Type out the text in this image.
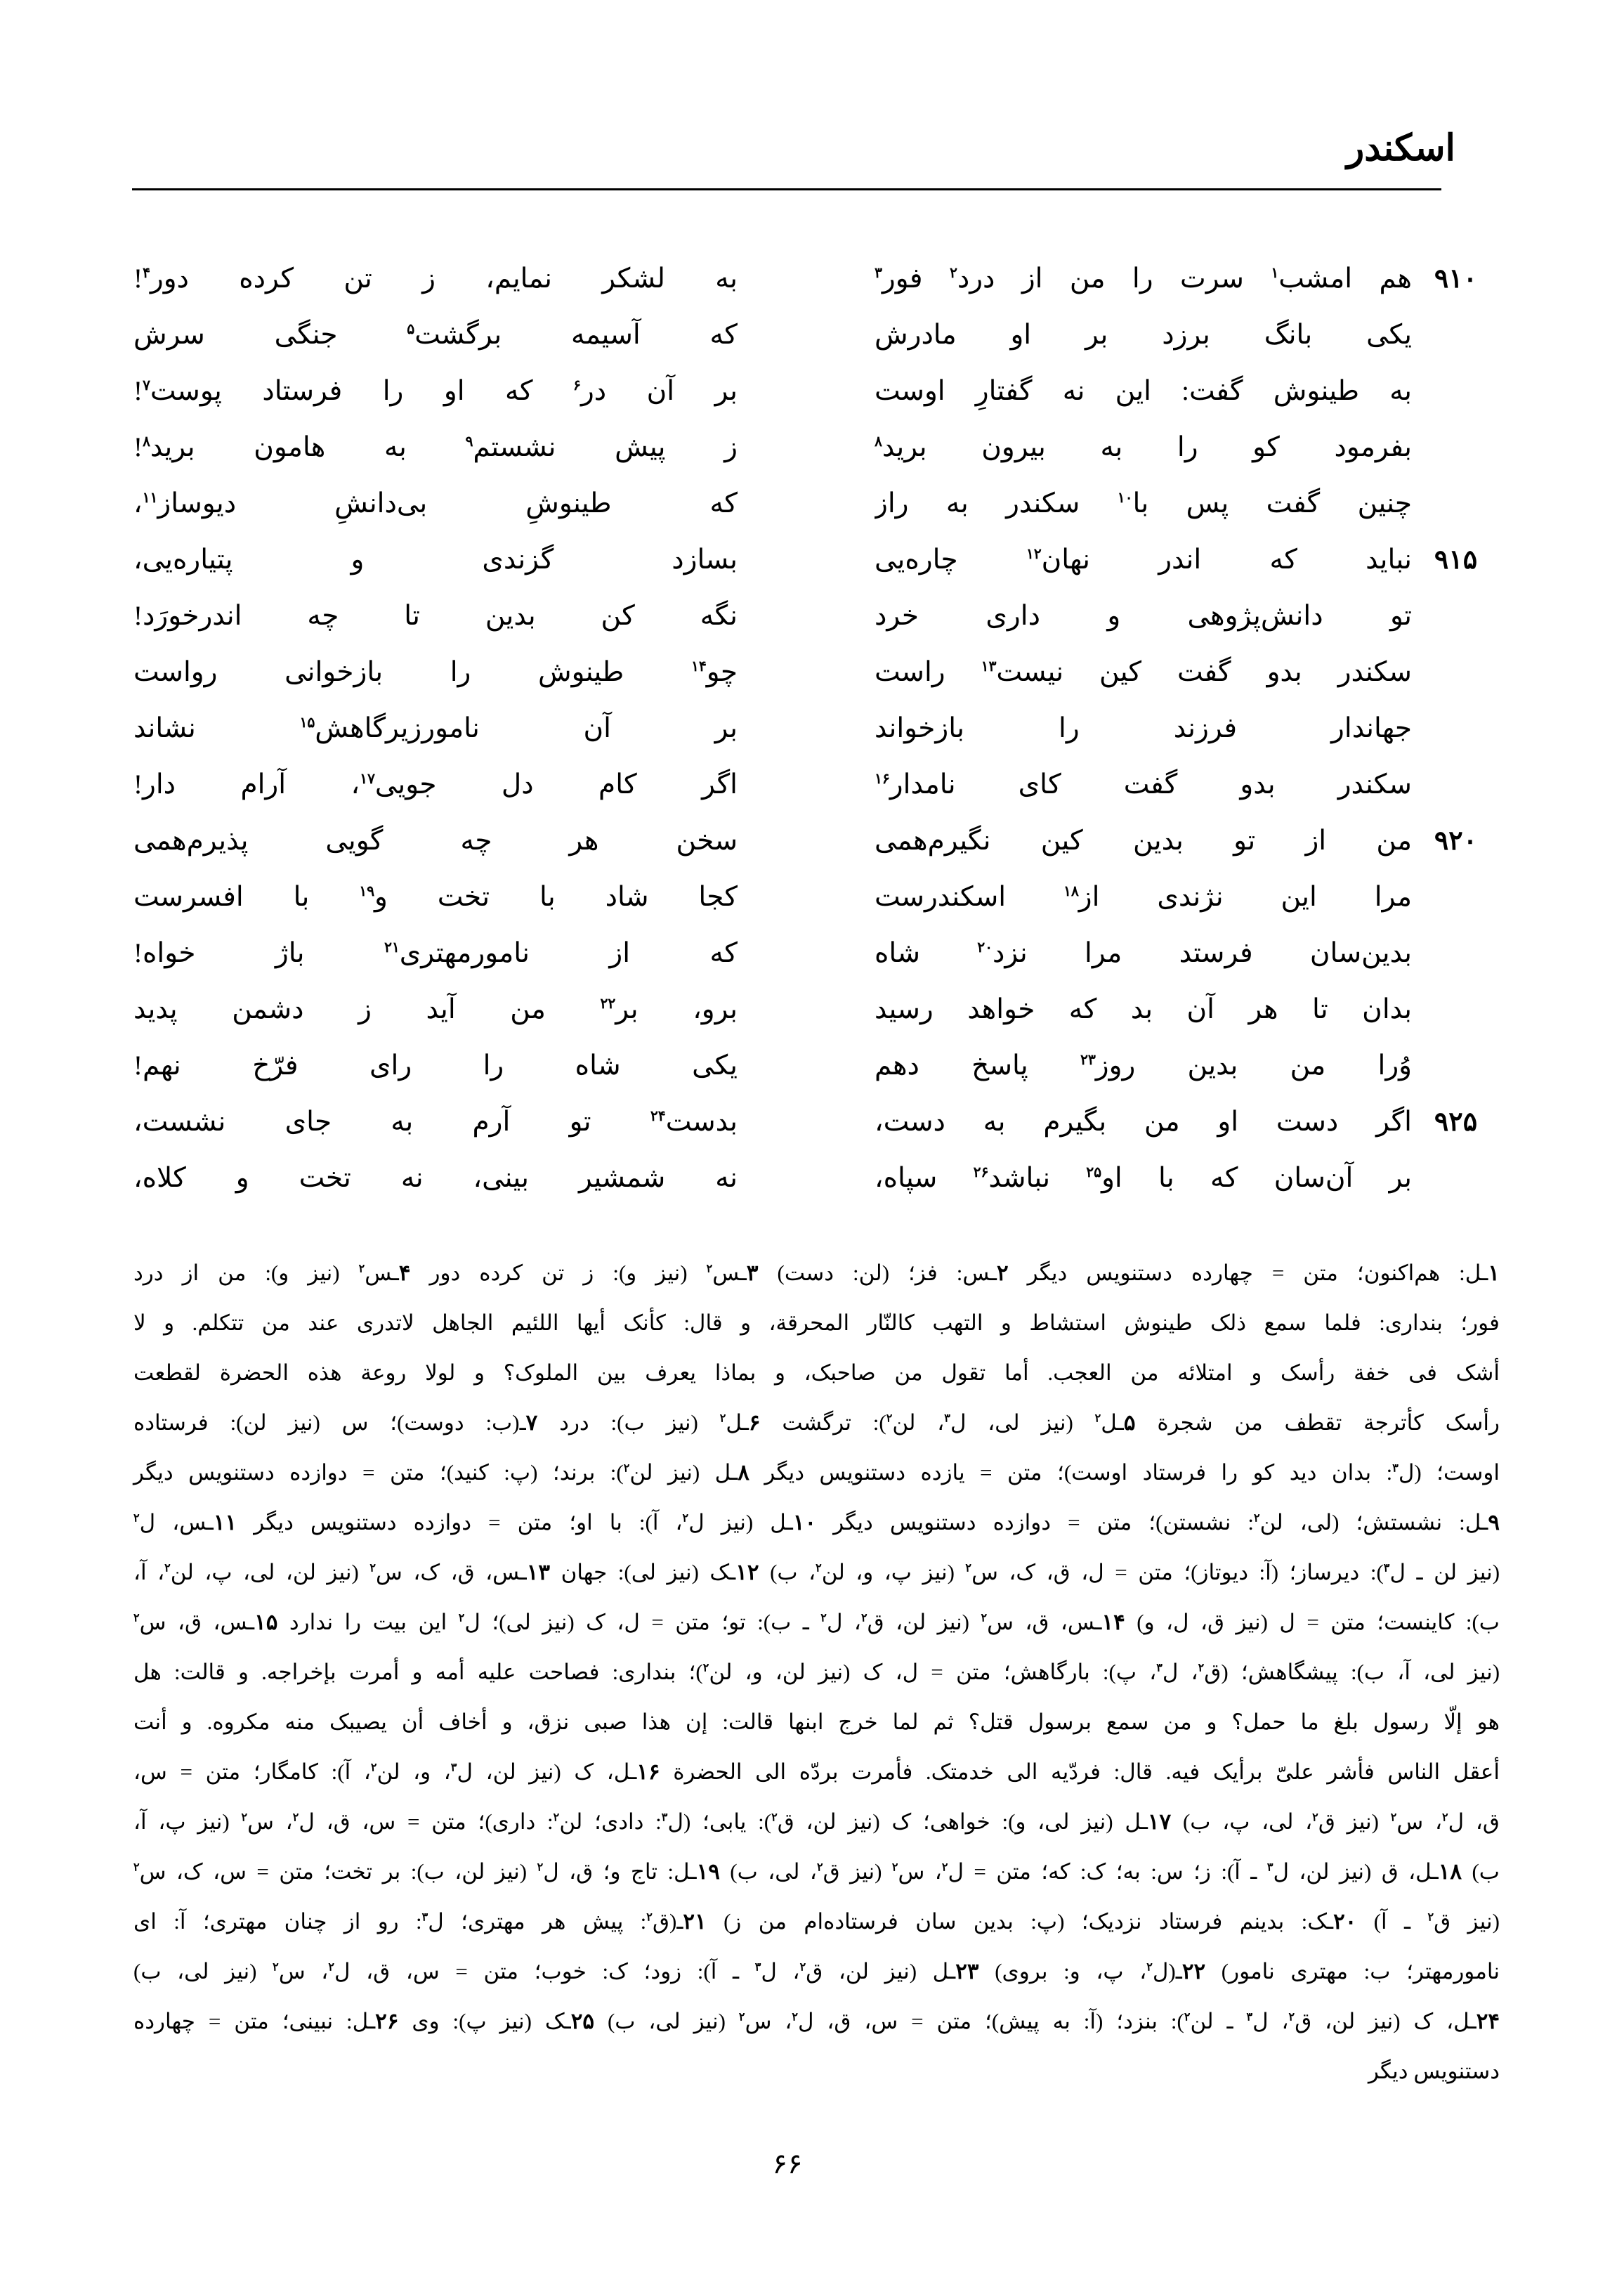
اسکندر
۹۱۰
هم امشب$^۱$ سرت را من از درد$^۲$ فور$^۳$
به لشکر نمایم، ز تن کرده دور$^۴$!
یکی بانگ برزد بر او مادرش
که آسیمه برگشت$^۵$ جنگی سرش
به طینوش گفت: این نه گفتارِ اوست
بر آن در$^۶$ که او را فرستاد پوست$^۷$!
بفرمود کو را به بیرون برید$^۸$
ز پیش نشستم$^۹$ به هامون برید$^۸$!
چنین گفت پس با$^{۱۰}$ سکندر به راز
که طینوشِ بی‌دانشِ دیوساز$^{۱۱}$،
۹۱۵
نباید که اندر نهان$^{۱۲}$ چاره‌یی
بسازد گزندی و پتیاره‌یی،
تو دانش‌پژوهی و داری خرد
نگه کن بدین تا چه اندرخورَد!
سکندر بدو گفت کین نیست$^{۱۳}$ راست
چو$^{۱۴}$ طینوش را بازخوانی رواست
جهاندار فرزند را بازخواند
بر آن نامورزیرگاهش$^{۱۵}$ نشاند
سکندر بدو گفت کای نامدار$^{۱۶}$
اگر کام دل جویی$^{۱۷}$، آرام دار!
۹۲۰
من از تو بدین کین نگیرم‌همی
سخن هر چه گویی پذیرم‌همی
مرا این نژندی از$^{۱۸}$ اسکندرست
کجا شاد با تخت و$^{۱۹}$ با افسرست
بدین‌سان فرستد مرا نزد$^{۲۰}$ شاه
که از نامورمهتری$^{۲۱}$ باژ خواه!
بدان تا هر آن بد که خواهد رسید
برو، بر$^{۲۲}$ من آید ز دشمن پدید
وُرا من بدین روز$^{۲۳}$ پاسخ دهم
یکی شاه را رای فرّخ نهم!
۹۲۵
اگر دست او من بگیرم به دست،
بدست$^{۲۴}$ تو آرم به جای نشست،
بر آن‌سان که با او$^{۲۵}$ نباشد$^{۲۶}$ سپاه،
نه شمشیر بینی، نه تخت و کلاه،
۱ـل: هم‌اکنون؛ متن = چهارده دستنویس دیگر ۲ـس: فز؛ (لن: دست) ۳ـس$^۲$ (نیز و): ز تن کرده دور ۴ـس$^۲$ (نیز و): من از درد
فور؛ بنداری: فلما سمع ذلک طینوش استشاط و التهب کالنّار المحرقة، و قال: کأنک أیها اللئیم الجاهل لاتدری عند من تتکلم. و لا
أشک فی خفة رأسک و امتلائه من العجب. أما تقول من صاحبک، و بماذا یعرف بین الملوک؟ و لولا روعة هذه الحضرة لقطعت
رأسک کأترجة تقطف من شجرة ۵ـل$^۲$ (نیز لی، ل$^۳$، لن$^۲$): ترگشت ۶ـل$^۲$ (نیز ب): درد ۷ـ(ب: دوست)؛ س (نیز لن): فرستاده
اوست؛ (ل$^۳$: بدان دید کو را فرستاد اوست)؛ متن = یازده دستنویس دیگر ۸ـل (نیز لن$^۲$): برند؛ (پ: کنید)؛ متن = دوازده دستنویس دیگر
۹ـل: نشستش؛ (لی، لن$^۲$: نشستن)؛ متن = دوازده دستنویس دیگر ۱۰ـل (نیز ل$^۲$، آ): با او؛ متن = دوازده دستنویس دیگر ۱۱ـس، ل$^۲$
(نیز لن ـ ل$^۳$): دیرساز؛ (آ: دیوتاز)؛ متن = ل، ق، ک، س$^۲$ (نیز پ، و، لن$^۲$، ب) ۱۲ـک (نیز لی): جهان ۱۳ـس، ق، ک، س$^۲$ (نیز لن، لی، پ، لن$^۲$، آ،
ب): کاینست؛ متن = ل (نیز ق، ل، و) ۱۴ـس، ق، س$^۲$ (نیز لن، ق$^۲$، ل$^۲$ ـ ب): تو؛ متن = ل، ک (نیز لی)؛ ل$^۲$ این بیت را ندارد ۱۵ـس، ق، س$^۲$
(نیز لی، آ، ب): پیشگاهش؛ (ق$^۲$، ل$^۳$، پ): بارگاهش؛ متن = ل، ک (نیز لن، و، لن$^۲$)؛ بنداری: فصاحت علیه أمه و أمرت بإخراجه. و قالت: هل
هو إلّا رسول بلغ ما حمل؟ و من سمع برسول قتل؟ ثم لما خرج ابنها قالت: إن هذا صبی نزق، و أخاف أن یصیبک منه مکروه. و أنت
أعقل الناس فأشر علیّ برأیک فیه. قال: فردّیه الی خدمتک. فأمرت بردّه الی الحضرة ۱۶ـل، ک (نیز لن، ل$^۳$، و، لن$^۲$، آ): کامگار؛ متن = س،
ق، ل$^۲$، س$^۲$ (نیز ق$^۲$، لی، پ، ب) ۱۷ـل (نیز لی، و): خواهی؛ ک (نیز لن، ق$^۲$): یابی؛ (ل$^۳$: دادی؛ لن$^۲$: داری)؛ متن = س، ق، ل$^۲$، س$^۲$ (نیز پ، آ،
ب) ۱۸ـل، ق (نیز لن، ل$^۳$ ـ آ): ز؛ س: به؛ ک: که؛ متن = ل$^۲$، س$^۲$ (نیز ق$^۲$، لی، ب) ۱۹ـل: تاج و؛ ق، ل$^۲$ (نیز لن، ب): بر تخت؛ متن = س، ک، س$^۲$
(نیز ق$^۲$ ـ آ) ۲۰ـک: بدینم فرستاد نزدیک؛ (پ: بدین سان فرستاده‌ام من ز) ۲۱ـ(ق$^۲$: پیش هر مهتری؛ ل$^۳$: رو از چنان مهتری؛ آ: ای
نامورمهتر؛ ب: مهتری نامور) ۲۲ـ(ل$^۲$، پ، و: بروی) ۲۳ـل (نیز لن، ق$^۲$، ل$^۳$ ـ آ): زود؛ ک: خوب؛ متن = س، ق، ل$^۲$، س$^۲$ (نیز لی، ب)
۲۴ـل، ک (نیز لن، ق$^۲$، ل$^۳$ ـ لن$^۲$): بنزد؛ (آ: به پیش)؛ متن = س، ق، ل$^۲$، س$^۲$ (نیز لی، ب) ۲۵ـک (نیز پ): وی ۲۶ـل: نبینی؛ متن = چهارده
دستنویس دیگر
۶۶
